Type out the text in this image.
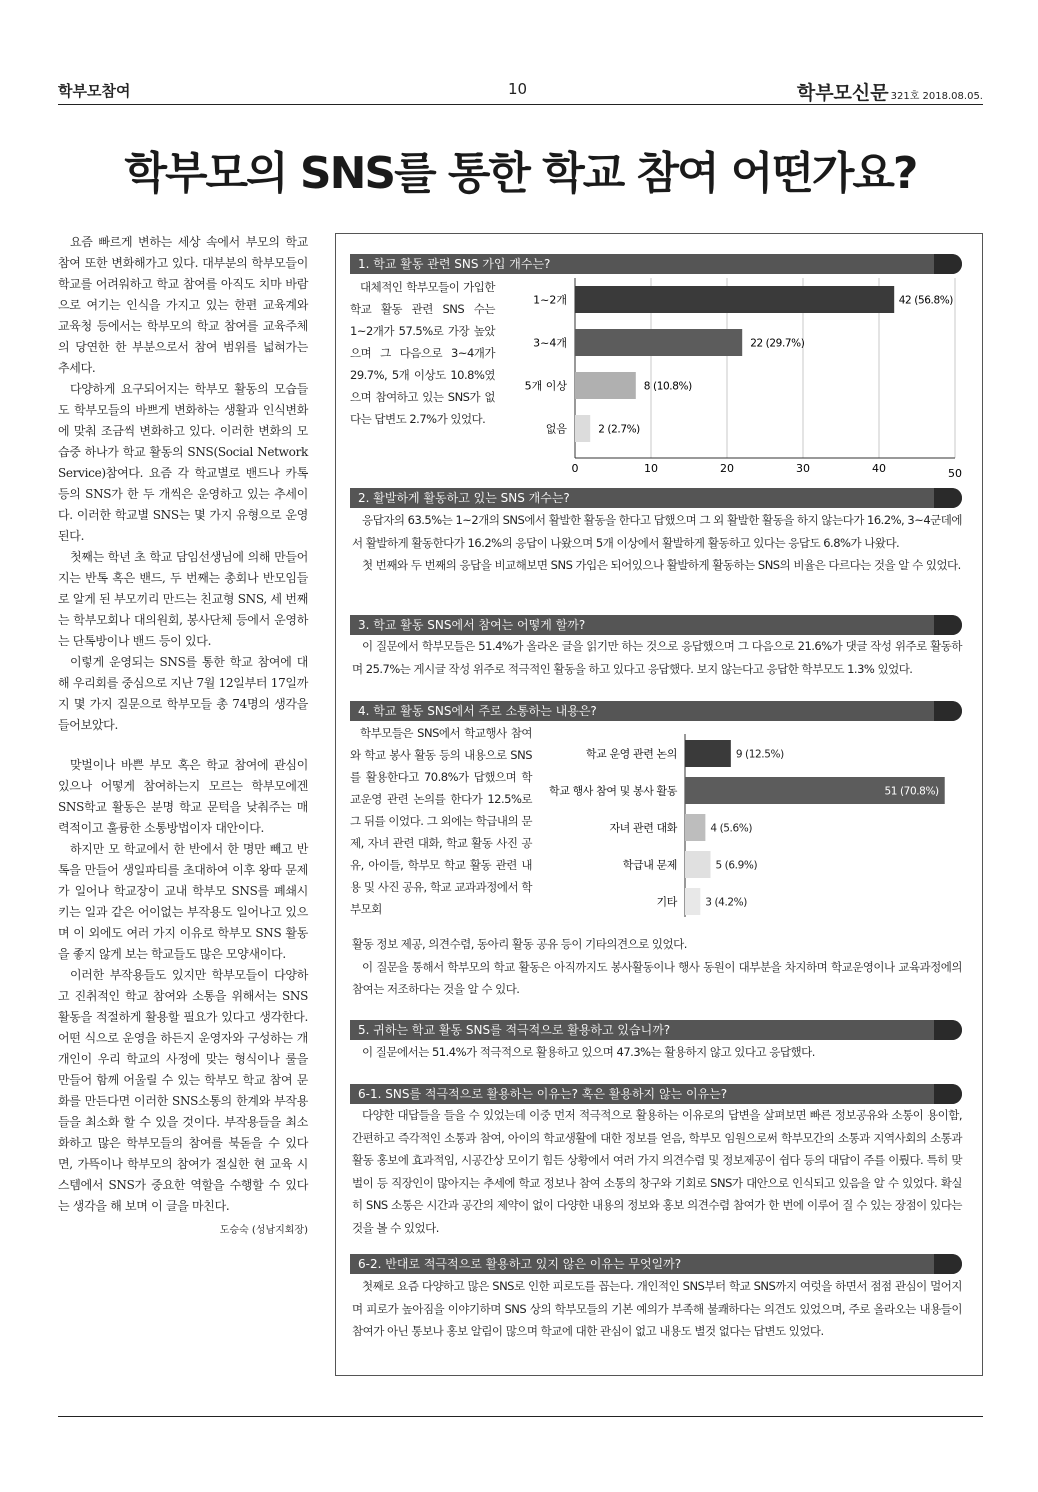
학부모참여	10	학부모신문 321호 2018.08.05.
학부모의 SNS를 통한 학교 참여 어떤가요?

요즘 빠르게 변하는 세상 속에서 부모의 학교 참여 또한 변화해가고 있다. 대부분의 학부모들이 학교를 어려워하고 학교 참여를 아직도 치마 바람으로 여기는 인식을 가지고 있는 한편 교육계와 교육청 등에서는 학부모의 학교 참여를 교육주체의 당연한 한 부분으로서 참여 범위를 넓혀가는 추세다.

다양하게 요구되어지는 학부모 활동의 모습들도 학부모들의 바쁘게 변화하는 생활과 인식변화에 맞춰 조금씩 변화하고 있다. 이러한 변화의 모습중 하나가 학교 활동의 SNS(Social Network Service)참여다. 요즘 각 학교별로 밴드나 카톡 등의 SNS가 한 두 개씩은 운영하고 있는 추세이다. 이러한 학교별 SNS는 몇 가지 유형으로 운영된다.

첫째는 학년 초 학교 담임선생님에 의해 만들어 지는 반톡 혹은 밴드, 두 번째는 총회나 반모임들로 알게 된 부모끼리 만드는 친교형 SNS, 세 번째는 학부모회나 대의원회, 봉사단체 등에서 운영하는 단톡방이나 밴드 등이 있다.

이렇게 운영되는 SNS를 통한 학교 참여에 대해 우리회를 중심으로 지난 7월 12일부터 17일까지 몇 가지 질문으로 학부모들 총 74명의 생각을 들어보았다.

맞벌이나 바쁜 부모 혹은 학교 참여에 관심이 있으나 어떻게 참여하는지 모르는 학부모에겐 SNS학교 활동은 분명 학교 문턱을 낮춰주는 매력적이고 훌륭한 소통방법이자 대안이다.

하지만 모 학교에서 한 반에서 한 명만 빼고 반 톡을 만들어 생일파티를 초대하여 이후 왕따 문제가 일어나 학교장이 교내 학부모 SNS를 폐쇄시키는 일과 같은 어이없는 부작용도 일어나고 있으며 이 외에도 여러 가지 이유로 학부모 SNS 활동을 좋지 않게 보는 학교들도 많은 모양새이다.

이러한 부작용들도 있지만 학부모들이 다양하고 진취적인 학교 참여와 소통을 위해서는 SNS 활동을 적절하게 활용할 필요가 있다고 생각한다. 어떤 식으로 운영을 하든지 운영자와 구성하는 개개인이 우리 학교의 사정에 맞는 형식이나 룰을 만들어 함께 어울릴 수 있는 학부모 학교 참여 문화를 만든다면 이러한 SNS소통의 한계와 부작용들을 최소화 할 수 있을 것이다. 부작용들을 최소화하고 많은 학부모들의 참여를 북돋을 수 있다면, 가뜩이나 학부모의 참여가 절실한 현 교육 시스템에서 SNS가 중요한 역할을 수행할 수 있다는 생각을 해 보며 이 글을 마친다.

도승숙 (성남지회장)
1. 학교 활동 관련 SNS 가입 개수는?

대체적인 학부모들이 가입한 학교 활동 관련 SNS 수는 1~2개가 57.5%로 가장 높았으며 그 다음으로 3~4개가 29.7%, 5개 이상도 10.8%였으며 참여하고 있는 SNS가 없다는 답변도 2.7%가 있었다.

0	10	20	30	40	50
1~2개	42 (56.8%)
3~4개	22 (29.7%)
5개 이상	8 (10.8%)
없음	2 (2.7%)
2. 활발하게 활동하고 있는 SNS 개수는?

응답자의 63.5%는 1~2개의 SNS에서 활발한 활동을 한다고 답했으며 그 외 활발한 활동을 하지 않는다가 16.2%, 3~4군데에서 활발하게 활동한다가 16.2%의 응답이 나왔으며 5개 이상에서 활발하게 활동하고 있다는 응답도 6.8%가 나왔다.

첫 번째와 두 번째의 응답을 비교해보면 SNS 가입은 되어있으나 활발하게 활동하는 SNS의 비율은 다르다는 것을 알 수 있었다.

3. 학교 활동 SNS에서 참여는 어떻게 할까?

이 질문에서 학부모들은 51.4%가 올라온 글을 읽기만 하는 것으로 응답했으며 그 다음으로 21.6%가 댓글 작성 위주로 활동하며 25.7%는 게시글 작성 위주로 적극적인 활동을 하고 있다고 응답했다. 보지 않는다고 응답한 학부모도 1.3% 있었다.

4. 학교 활동 SNS에서 주로 소통하는 내용은?

학부모들은 SNS에서 학교행사 참여와 학교 봉사 활동 등의 내용으로 SNS를 활용한다고 70.8%가 답했으며 학교운영 관련 논의를 한다가 12.5%로 그 뒤를 이었다. 그 외에는 학급내의 문제, 자녀 관련 대화, 학교 활동 사진 공유, 아이들, 학부모 학교 활동 관련 내용 및 사진 공유, 학교 교과과정에서 학부모회

학교 운영 관련 논의	9 (12.5%)
학교 행사 참여 및 봉사 활동	51 (70.8%)
자녀 관련 대화	4 (5.6%)
학급내 문제	5 (6.9%)
기타	3 (4.2%)
활동 정보 제공, 의견수렴, 동아리 활동 공유 등이 기타의견으로 있었다.

이 질문을 통해서 학부모의 학교 활동은 아직까지도 봉사활동이나 행사 동원이 대부분을 차지하며 학교운영이나 교육과정에의 참여는 저조하다는 것을 알 수 있다.

5. 귀하는 학교 활동 SNS를 적극적으로 활용하고 있습니까?

이 질문에서는 51.4%가 적극적으로 활용하고 있으며 47.3%는 활용하지 않고 있다고 응답했다.

6-1. SNS를 적극적으로 활용하는 이유는? 혹은 활용하지 않는 이유는?

다양한 대답들을 들을 수 있었는데 이중 먼저 적극적으로 활용하는 이유로의 답변을 살펴보면 빠른 정보공유와 소통이 용이함, 간편하고 즉각적인 소통과 참여, 아이의 학교생활에 대한 정보를 얻음, 학부모 임원으로써 학부모간의 소통과 지역사회의 소통과 활동 홍보에 효과적임, 시공간상 모이기 힘든 상황에서 여러 가지 의견수렴 및 정보제공이 쉽다 등의 대답이 주를 이뤘다. 특히 맞벌이 등 직장인이 많아지는 추세에 학교 정보나 참여 소통의 창구와 기회로 SNS가 대안으로 인식되고 있음을 알 수 있었다. 확실히 SNS 소통은 시간과 공간의 제약이 없이 다양한 내용의 정보와 홍보 의견수렴 참여가 한 번에 이루어 질 수 있는 장점이 있다는 것을 볼 수 있었다.

6-2. 반대로 적극적으로 활용하고 있지 않은 이유는 무엇일까?

첫째로 요즘 다양하고 많은 SNS로 인한 피로도를 꼽는다. 개인적인 SNS부터 학교 SNS까지 여럿을 하면서 점점 관심이 멀어지며 피로가 높아짐을 이야기하며 SNS 상의 학부모들의 기본 예의가 부족해 불쾌하다는 의견도 있었으며, 주로 올라오는 내용들이 참여가 아닌 통보나 홍보 알림이 많으며 학교에 대한 관심이 없고 내용도 별것 없다는 답변도 있었다.
